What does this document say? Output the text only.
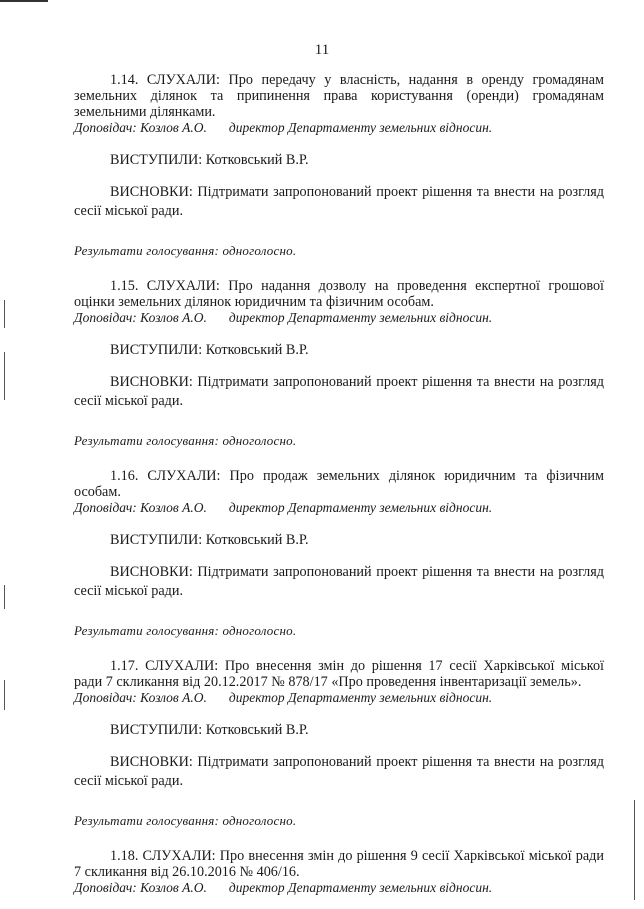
11

1.14. СЛУХАЛИ: Про передачу у власність, надання в оренду громадянам земельних ділянок та припинення права користування (оренди) громадянам земельними ділянками.

Доповідач: Козлов А.О. директор Департаменту земельних відносин.

ВИСТУПИЛИ: Котковський В.Р.

ВИСНОВКИ: Підтримати запропонований проект рішення та внести на розгляд сесії міської ради.

Результати голосування: одноголосно.

1.15. СЛУХАЛИ: Про надання дозволу на проведення експертної грошової оцінки земельних ділянок юридичним та фізичним особам.

Доповідач: Козлов А.О. директор Департаменту земельних відносин.

ВИСТУПИЛИ: Котковський В.Р.

ВИСНОВКИ: Підтримати запропонований проект рішення та внести на розгляд сесії міської ради.

Результати голосування: одноголосно.

1.16. СЛУХАЛИ: Про продаж земельних ділянок юридичним та фізичним особам.

Доповідач: Козлов А.О. директор Департаменту земельних відносин.

ВИСТУПИЛИ: Котковський В.Р.

ВИСНОВКИ: Підтримати запропонований проект рішення та внести на розгляд сесії міської ради.

Результати голосування: одноголосно.

1.17. СЛУХАЛИ: Про внесення змін до рішення 17 сесії Харківської міської ради 7 скликання від 20.12.2017 № 878/17 «Про проведення інвентаризації земель».

Доповідач: Козлов А.О. директор Департаменту земельних відносин.

ВИСТУПИЛИ: Котковський В.Р.

ВИСНОВКИ: Підтримати запропонований проект рішення та внести на розгляд сесії міської ради.

Результати голосування: одноголосно.

1.18. СЛУХАЛИ: Про внесення змін до рішення 9 сесії Харківської міської ради 7 скликання від 26.10.2016 № 406/16.

Доповідач: Козлов А.О. директор Департаменту земельних відносин.
